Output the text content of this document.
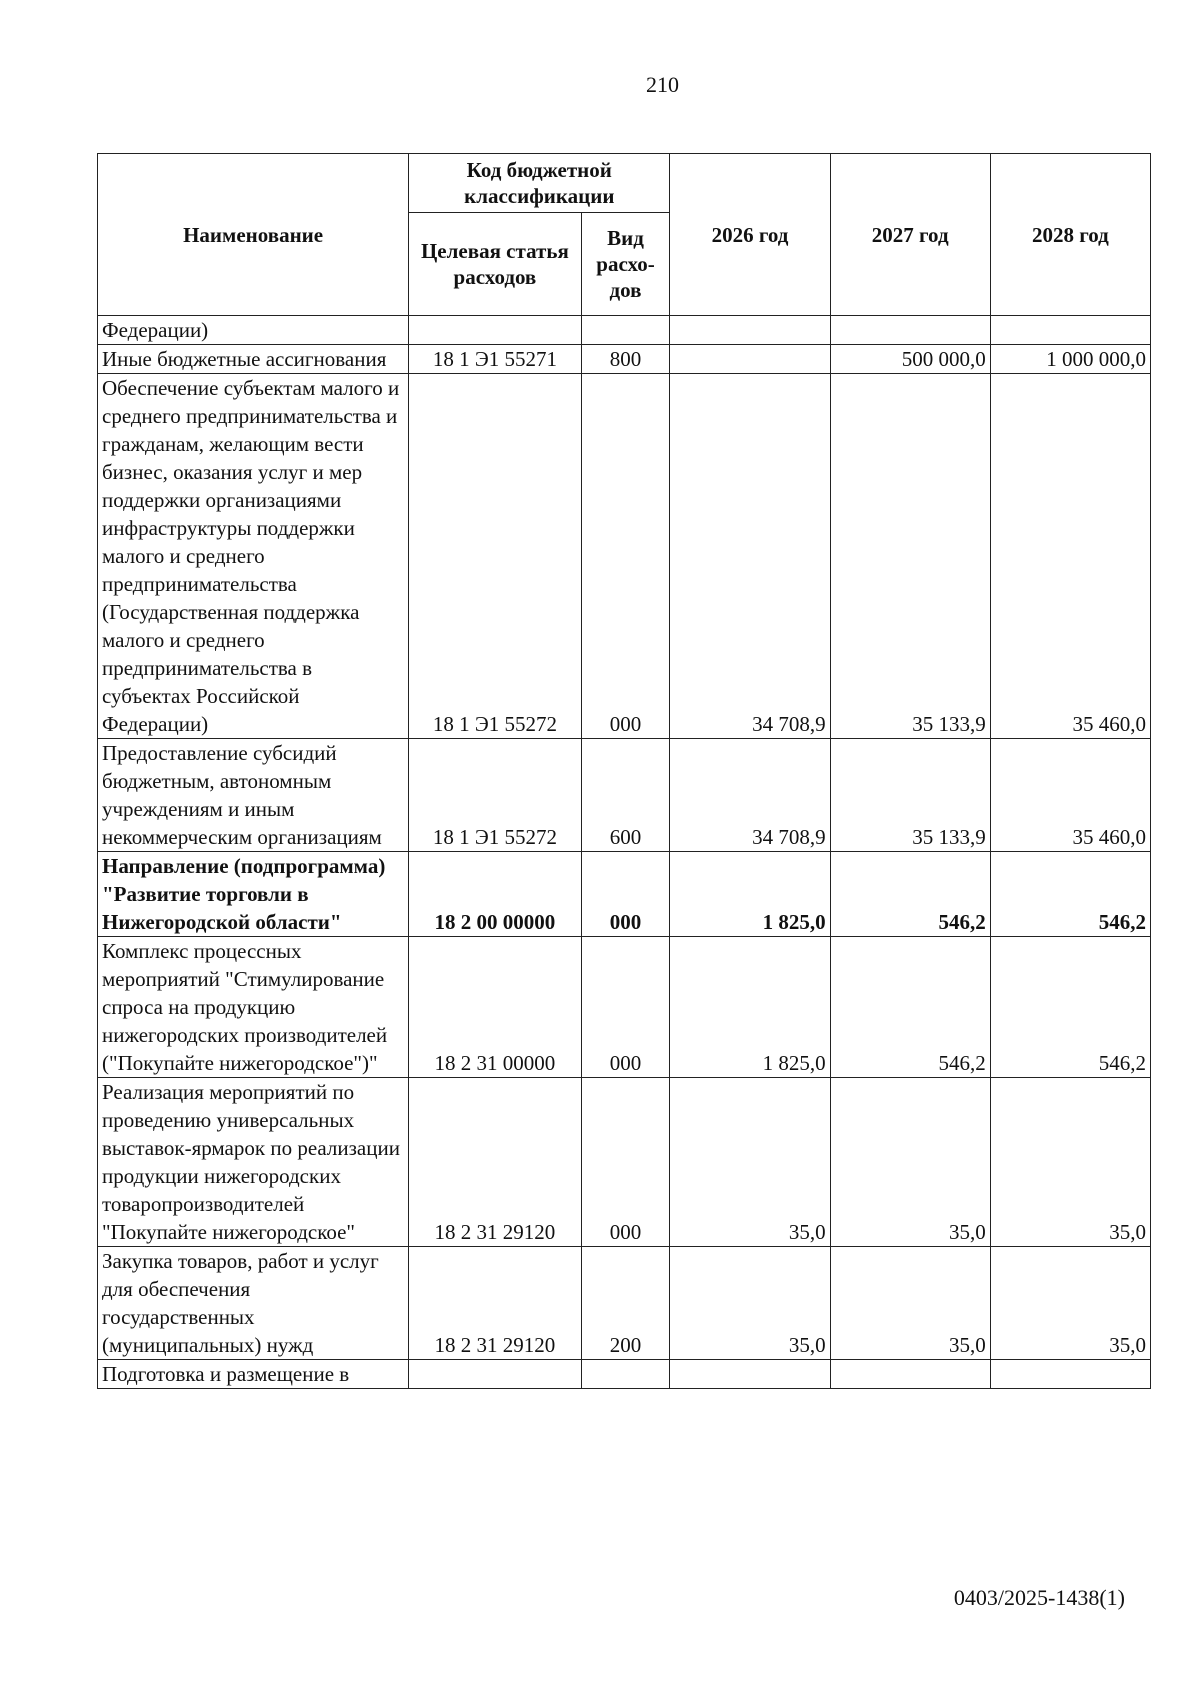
210
Наименование	Код бюджетной классификации		2026 год	2027 год	2028 год
	Целевая статья расходов	Вид расхо-дов			
Федерации)					
Иные бюджетные ассигнования	18 1 Э1 55271	800		500 000,0	1 000 000,0
Обеспечение субъектам малого и среднего предпринимательства и гражданам, желающим вести бизнес, оказания услуг и мер поддержки организациями инфраструктуры поддержки малого и среднего предпринимательства (Государственная поддержка малого и среднего предпринимательства в субъектах Российской Федерации)	18 1 Э1 55272	000	34 708,9	35 133,9	35 460,0
Предоставление субсидий бюджетным, автономным учреждениям и иным некоммерческим организациям	18 1 Э1 55272	600	34 708,9	35 133,9	35 460,0
Направление (подпрограмма) "Развитие торговли в Нижегородской области"	18 2 00 00000	000	1 825,0	546,2	546,2
Комплекс процессных мероприятий "Стимулирование спроса на продукцию нижегородских производителей ("Покупайте нижегородское")"	18 2 31 00000	000	1 825,0	546,2	546,2
Реализация мероприятий по проведению универсальных выставок-ярмарок по реализации продукции нижегородских товаропроизводителей "Покупайте нижегородское"	18 2 31 29120	000	35,0	35,0	35,0
Закупка товаров, работ и услуг для обеспечения государственных (муниципальных) нужд	18 2 31 29120	200	35,0	35,0	35,0
Подготовка и размещение в					
0403/2025-1438(1)
